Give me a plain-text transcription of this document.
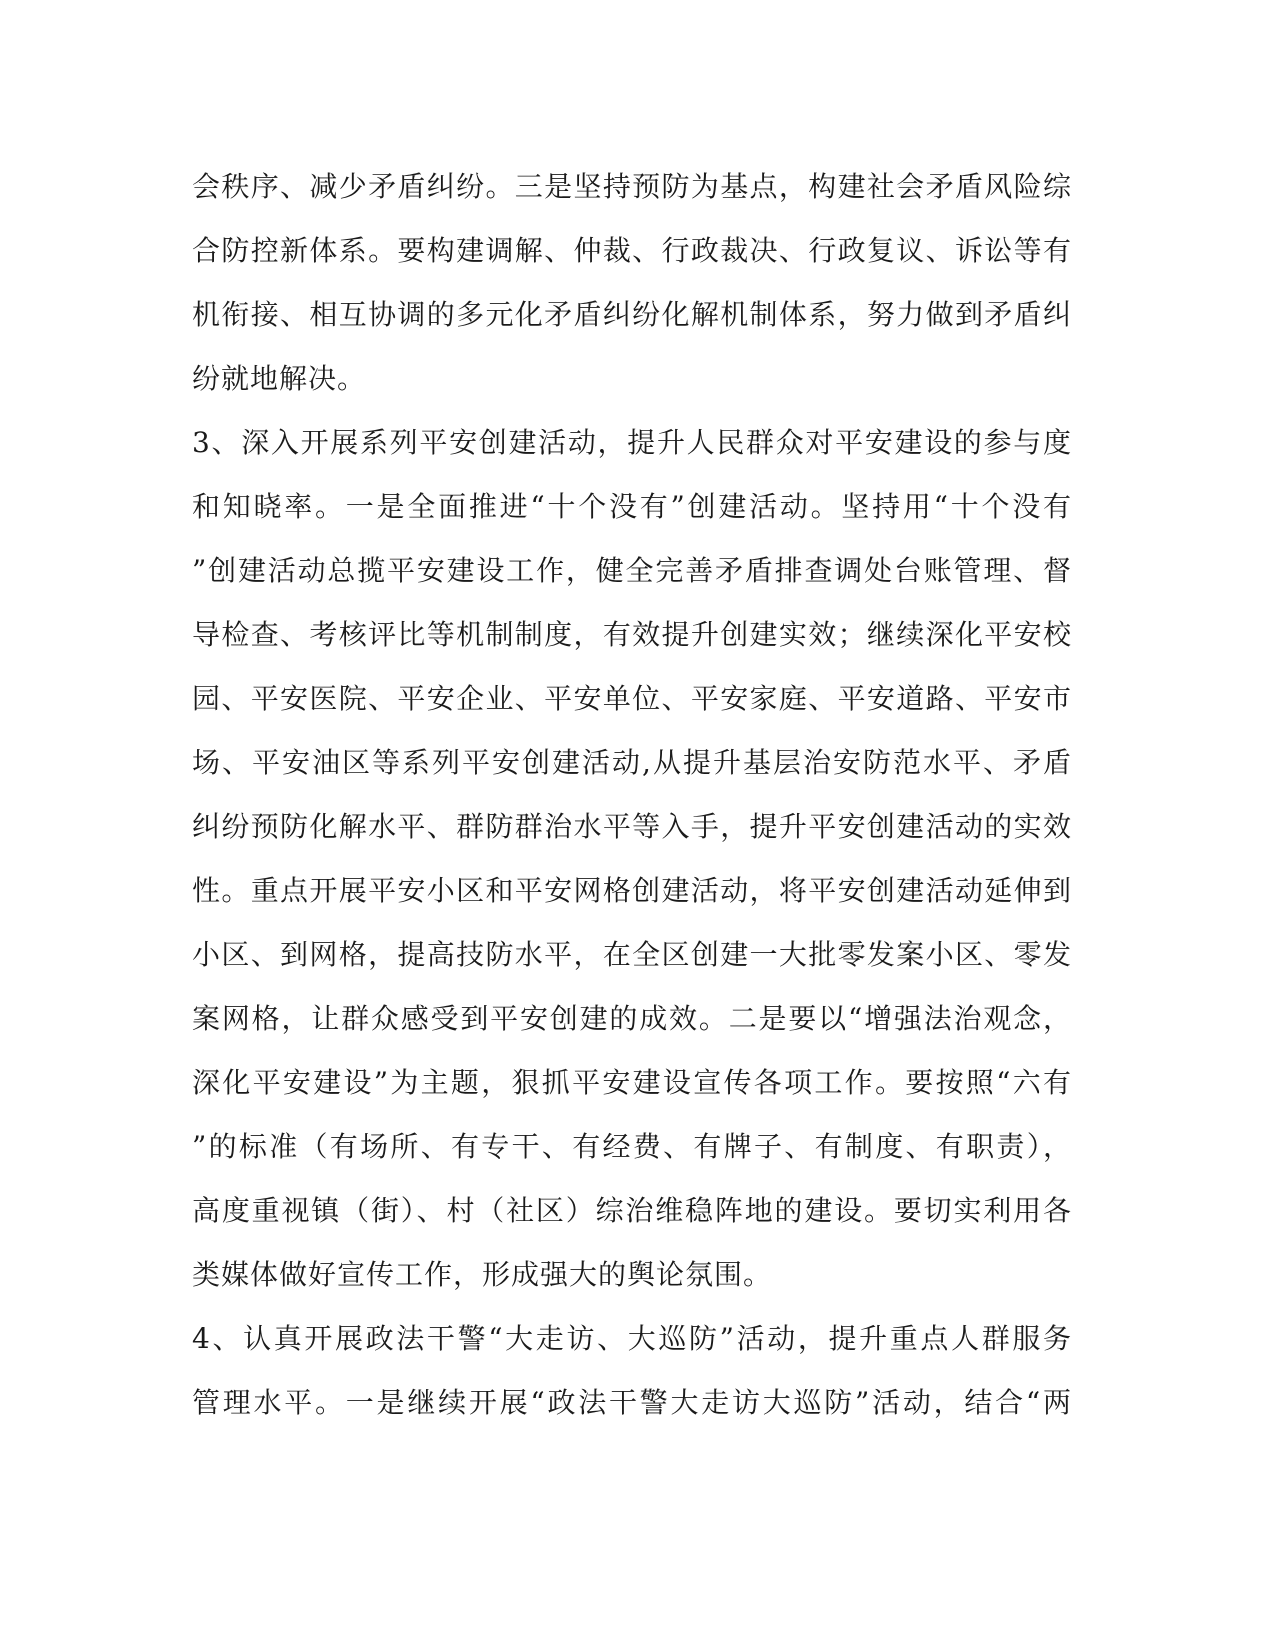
会秩序、减少矛盾纠纷。三是坚持预防为基点，构建社会矛盾风险综
合防控新体系。要构建调解、仲裁、行政裁决、行政复议、诉讼等有
机衔接、相互协调的多元化矛盾纠纷化解机制体系，努力做到矛盾纠
纷就地解决。
3、深入开展系列平安创建活动，提升人民群众对平安建设的参与度
和知晓率。一是全面推进“十个没有”创建活动。坚持用“十个没有
”创建活动总揽平安建设工作，健全完善矛盾排查调处台账管理、督
导检查、考核评比等机制制度，有效提升创建实效；继续深化平安校
园、平安医院、平安企业、平安单位、平安家庭、平安道路、平安市
场、平安油区等系列平安创建活动,从提升基层治安防范水平、矛盾
纠纷预防化解水平、群防群治水平等入手，提升平安创建活动的实效
性。重点开展平安小区和平安网格创建活动，将平安创建活动延伸到
小区、到网格，提高技防水平，在全区创建一大批零发案小区、零发
案网格，让群众感受到平安创建的成效。二是要以“增强法治观念，
深化平安建设”为主题，狠抓平安建设宣传各项工作。要按照“六有
”的标准（有场所、有专干、有经费、有牌子、有制度、有职责），
高度重视镇（街）、村（社区）综治维稳阵地的建设。要切实利用各
类媒体做好宣传工作，形成强大的舆论氛围。
4、认真开展政法干警“大走访、大巡防”活动，提升重点人群服务
管理水平。一是继续开展“政法干警大走访大巡防”活动，结合“两
